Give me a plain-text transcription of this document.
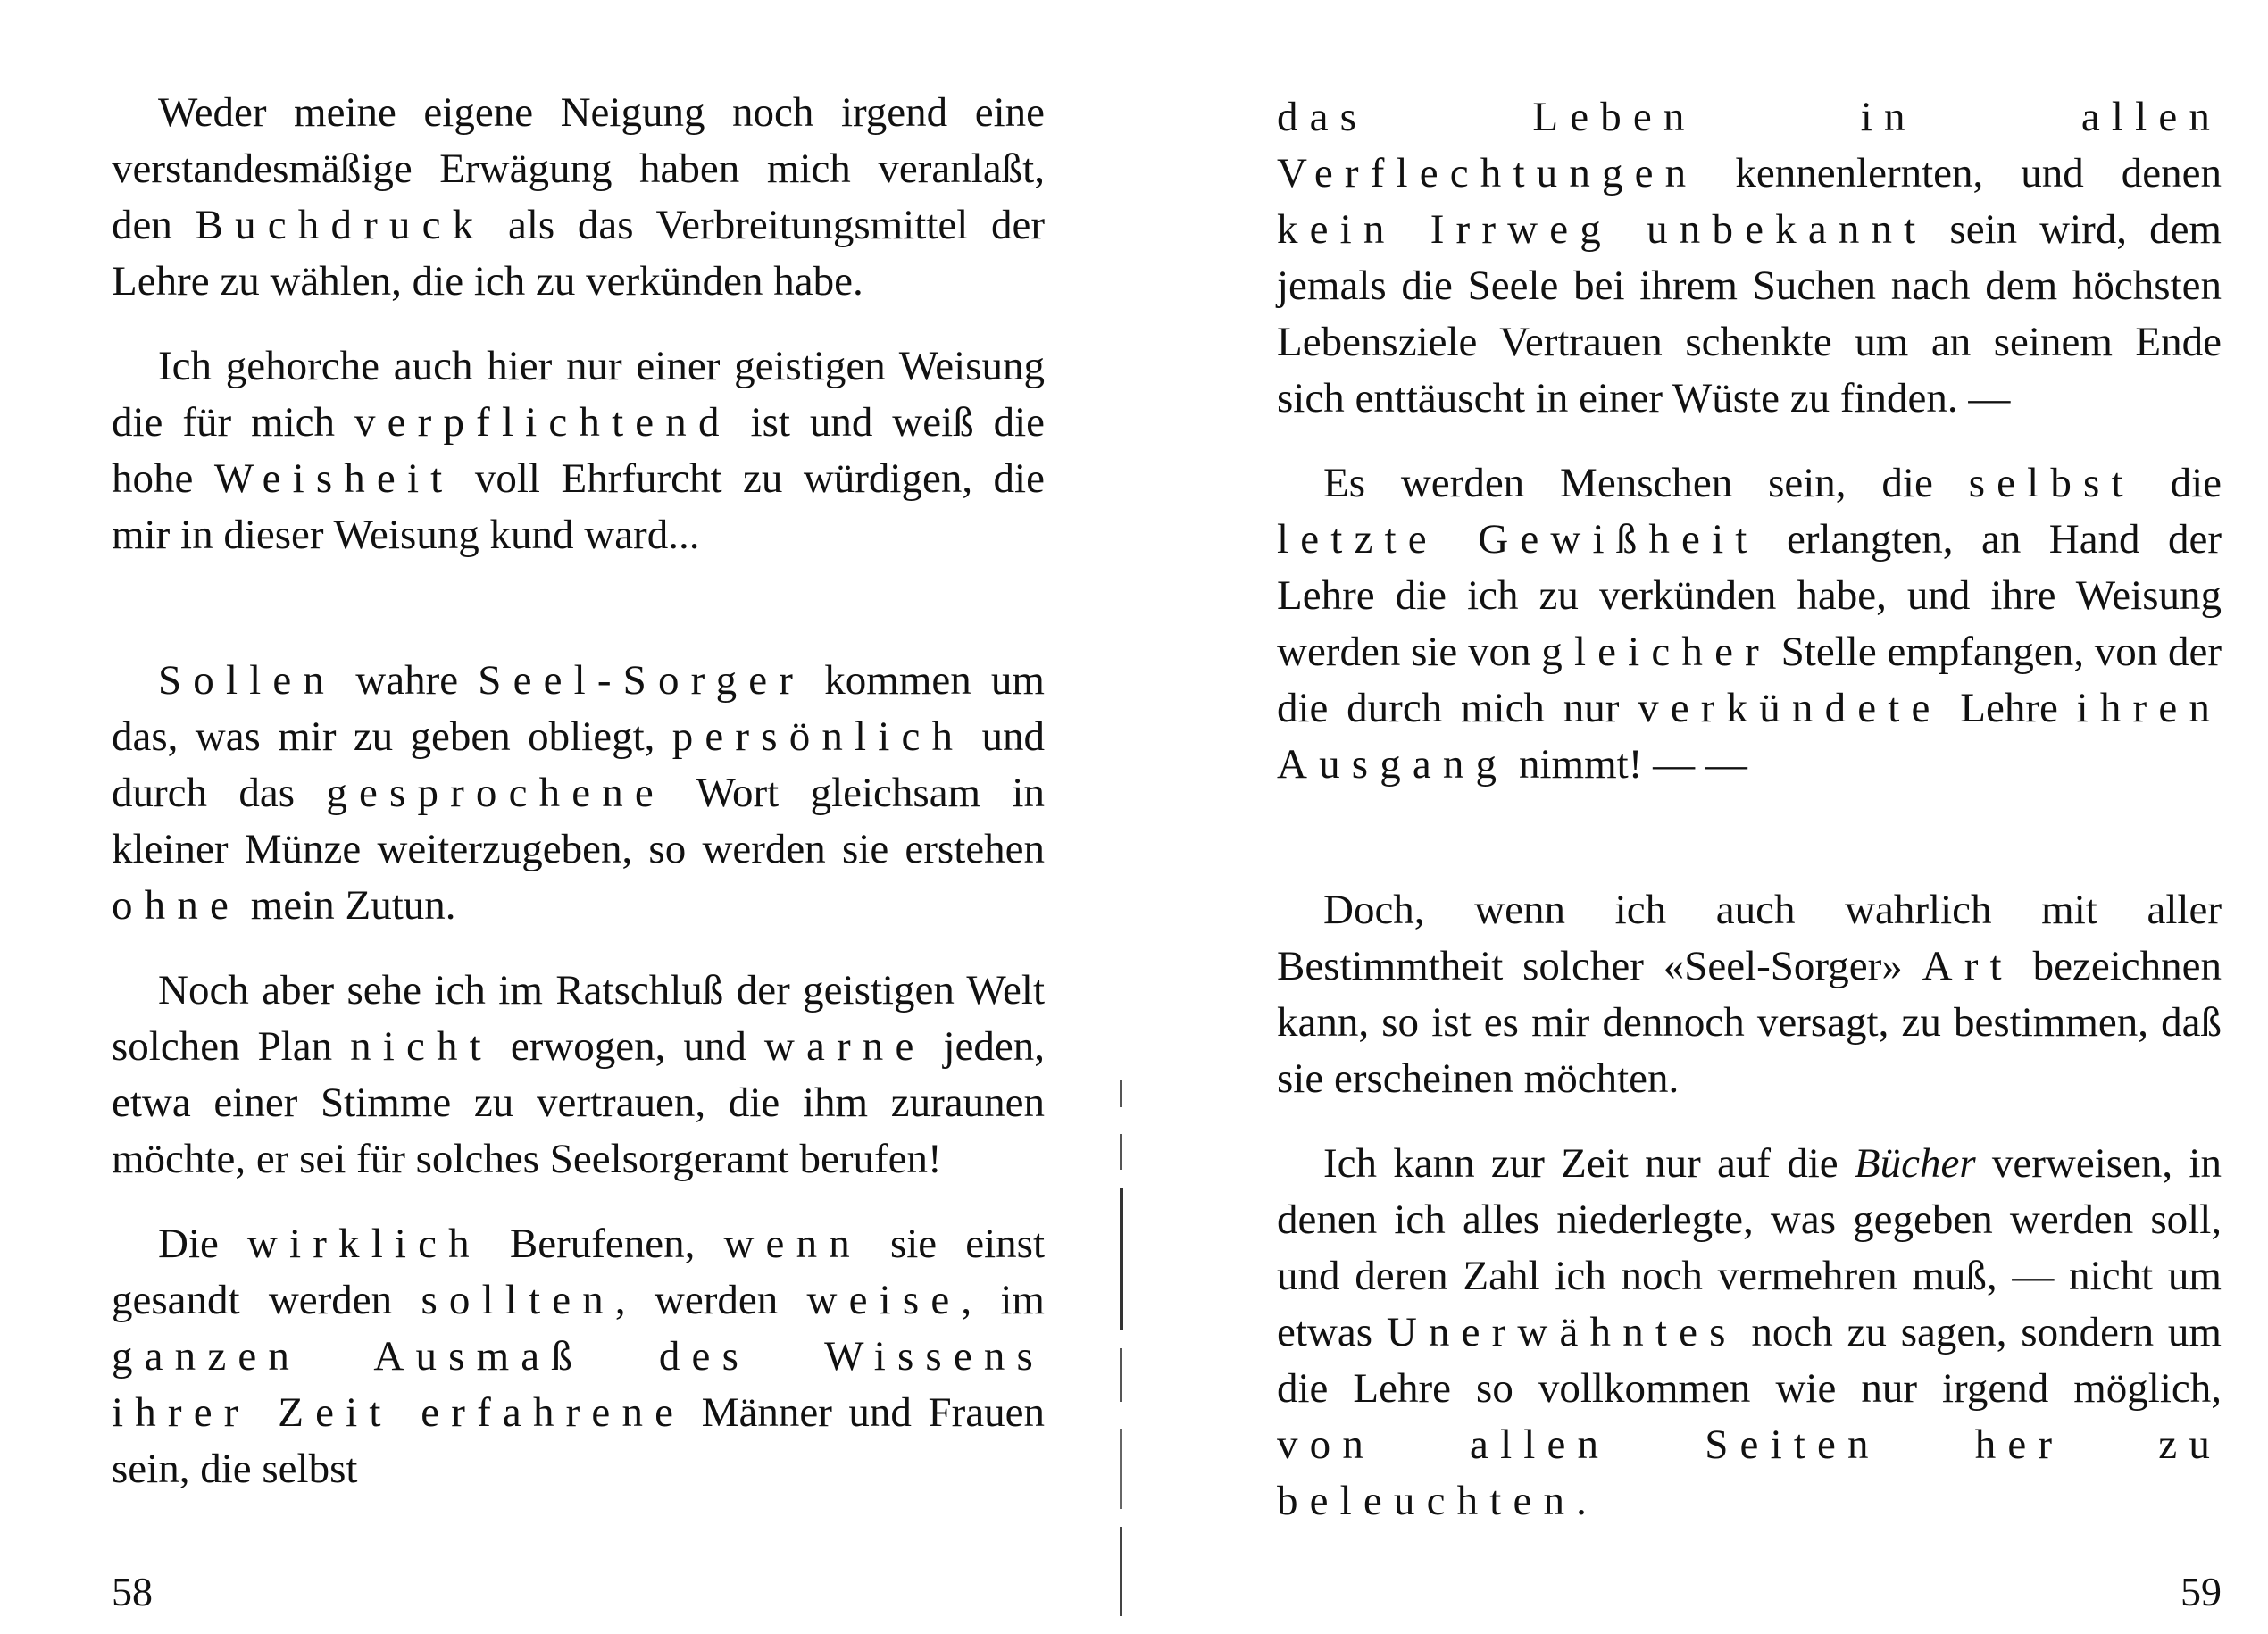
Weder meine eigene Neigung noch irgend eine verstandesmäßige Erwägung haben mich veranlaßt, den Buchdruck als das Verbreitungsmittel der Lehre zu wählen, die ich zu verkünden habe.

Ich gehorche auch hier nur einer geistigen Weisung die für mich verpflichtend ist und weiß die hohe Weisheit voll Ehrfurcht zu würdigen, die mir in dieser Weisung kund ward...

Sollen wahre Seel-Sorger kommen um das, was mir zu geben obliegt, persönlich und durch das gesprochene Wort gleichsam in kleiner Münze weiterzugeben, so werden sie erstehen ohne mein Zutun.

Noch aber sehe ich im Ratschluß der geistigen Welt solchen Plan nicht erwogen, und warne jeden, etwa einer Stimme zu vertrauen, die ihm zuraunen möchte, er sei für solches Seelsorgeramt berufen!

Die wirklich Berufenen, wenn sie einst gesandt werden sollten, werden weise, im ganzen Ausmaß des Wissens ihrer Zeit erfahrene Männer und Frauen sein, die selbst

58

das Leben in allen Verflechtungen kennenlernten, und denen kein Irrweg unbekannt sein wird, dem jemals die Seele bei ihrem Suchen nach dem höchsten Lebensziele Vertrauen schenkte um an seinem Ende sich enttäuscht in einer Wüste zu finden. —

Es werden Menschen sein, die selbst die letzte Gewißheit erlangten, an Hand der Lehre die ich zu verkünden habe, und ihre Weisung werden sie von gleicher Stelle empfangen, von der die durch mich nur verkündete Lehre ihren Ausgang nimmt! — —

Doch, wenn ich auch wahrlich mit aller Bestimmtheit solcher «Seel-Sorger» Art bezeichnen kann, so ist es mir dennoch versagt, zu bestimmen, daß sie erscheinen möchten.

Ich kann zur Zeit nur auf die Bücher verweisen, in denen ich alles niederlegte, was gegeben werden soll, und deren Zahl ich noch vermehren muß, — nicht um etwas Unerwähntes noch zu sagen, sondern um die Lehre so vollkommen wie nur irgend möglich, von allen Seiten her zu beleuchten.

59
